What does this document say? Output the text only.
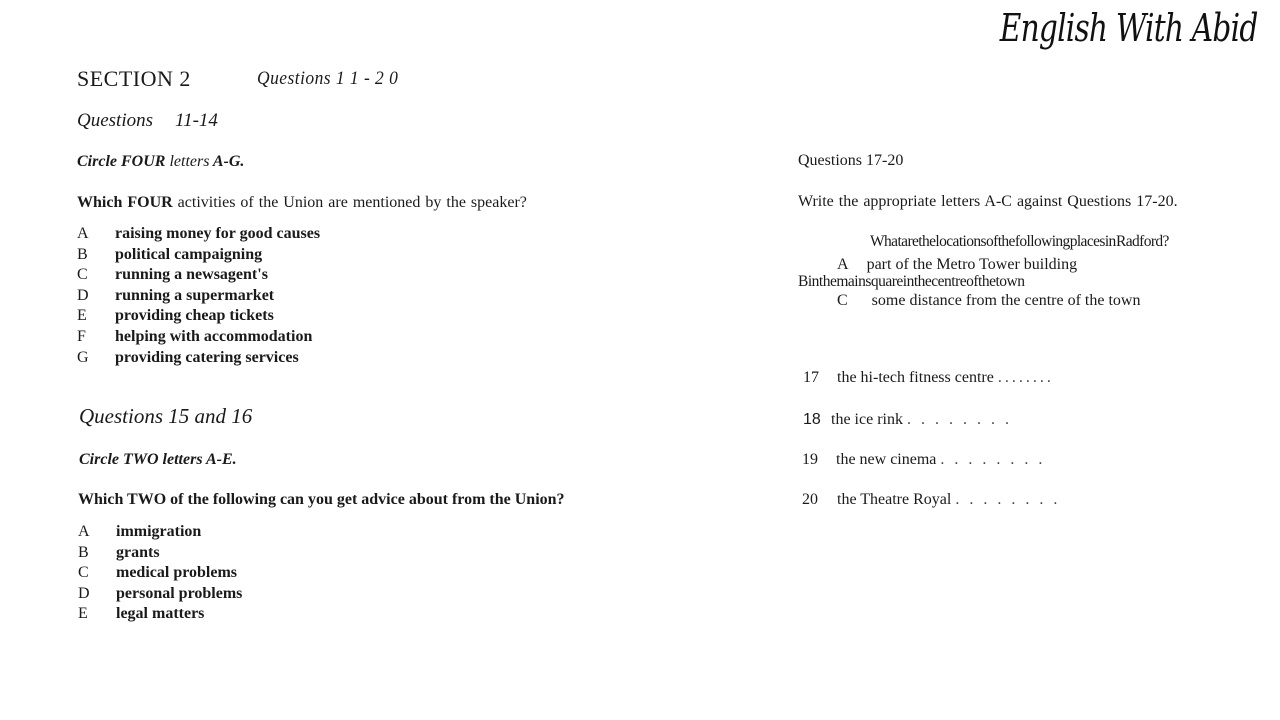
English With Abid
SECTION 2	Questions 1 1 - 2 0
Questions 11-14
Circle FOUR letters A-G.
Which FOUR activities of the Union are mentioned by the speaker?
A	raising money for good causes
B	political campaigning
C	running a newsagent's
D	running a supermarket
E	providing cheap tickets
F	helping with accommodation
G	providing catering services
Questions 15 and 16
Circle TWO letters A-E.
Which TWO of the following can you get advice about from the Union?
A	immigration
B	grants
C	medical problems
D	personal problems
E	legal matters
Questions 17-20
Write the appropriate letters A-C against Questions 17-20.
Whatarethelocationsofthefollowingplacesin Radford?
A part of the Metro Tower building
Binthemainsquareinthecentreofthetown
C some distance from the centre of the town
17 the hi-tech fitness centre ........
18 the ice rink . . . . . . . .
19 the new cinema . . . . . . . .
20 the Theatre Royal . . . . . . . .
